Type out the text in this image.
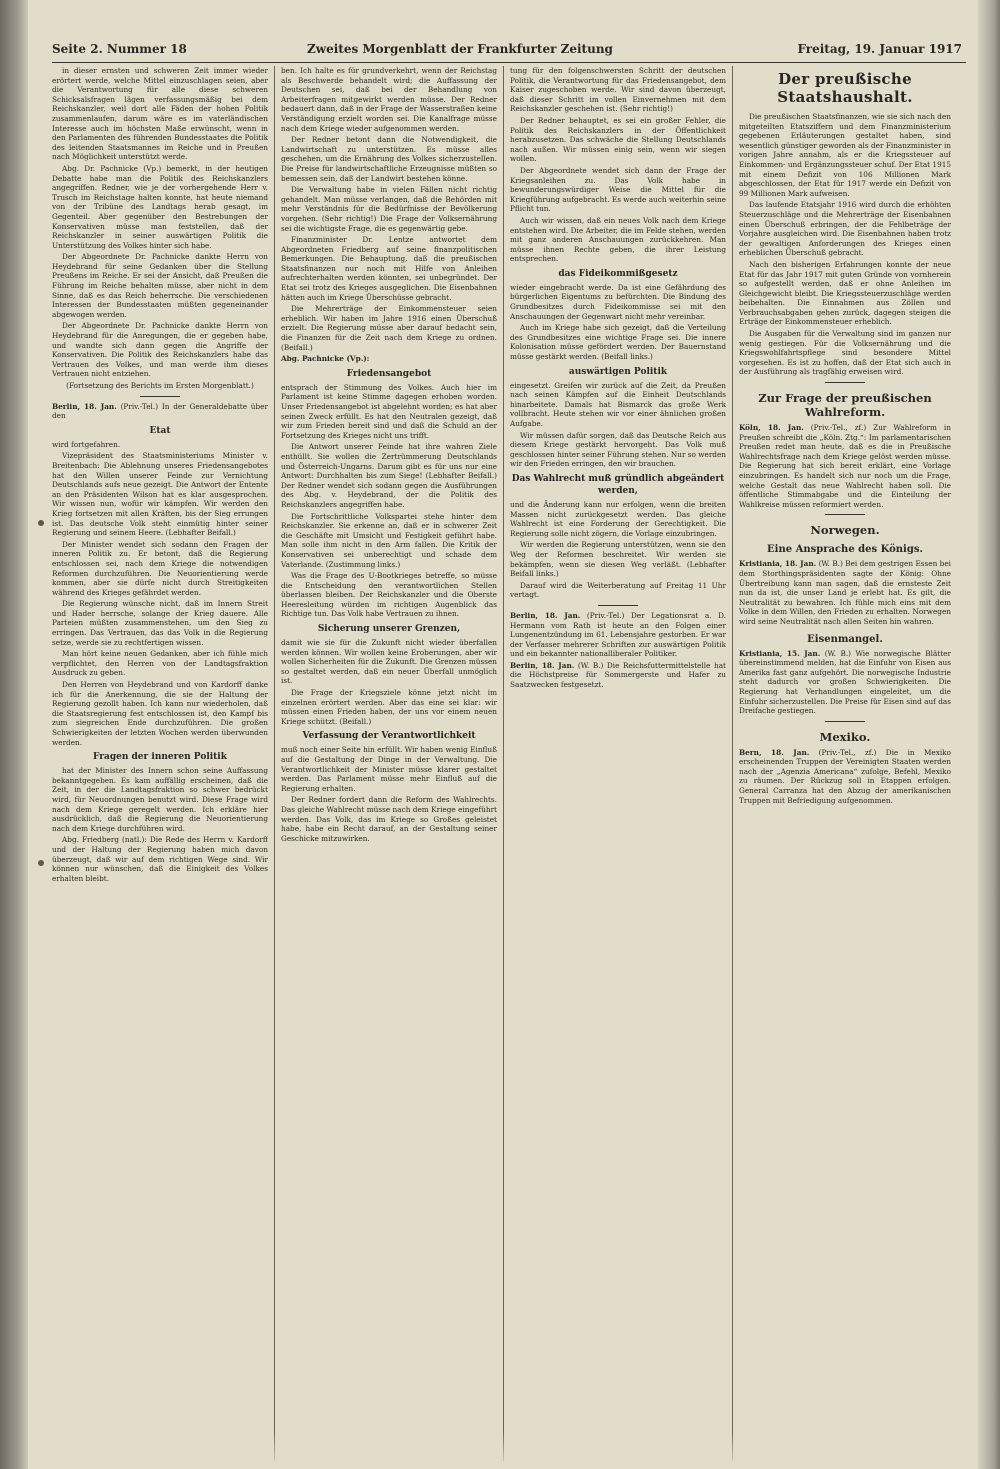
Seite 2. Nummer 18	Zweites Morgenblatt der Frankfurter Zeitung	Freitag, 19. Januar 1917

in dieser ernsten und schweren Zeit immer wieder erörtert werde, welche Mittel einzuschlagen seien, aber die Verantwortung für alle diese schweren Schicksalsfragen lägen verfassungsmäßig bei dem Reichskanzler, weil dort alle Fäden der hohen Politik zusammenlaufen, darum wäre es im vaterländischen Interesse auch im höchsten Maße erwünscht, wenn in den Parlamenten des führenden Bundesstaates die Politik des leitenden Staatsmannes im Reiche und in Preußen nach Möglichkeit unterstützt werde.

Abg. Dr. Pachnicke (Vp.) bemerkt, in der heutigen Debatte habe man die Politik des Reichskanzlers angegriffen. Redner, wie je der vorhergehende Herr v. Trusch im Reichstage halten konnte, hat heute niemand von der Tribüne des Landtags herab gesagt, im Gegenteil. Aber gegenüber den Bestrebungen der Konservativen müsse man feststellen, daß der Reichskanzler in seiner auswärtigen Politik die Unterstützung des Volkes hinter sich habe.

Der Abgeordnete Dr. Pachnicke dankte Herrn von Heydebrand für seine Gedanken über die Stellung Preußens im Reiche. Er sei der Ansicht, daß Preußen die Führung im Reiche behalten müsse, aber nicht in dem Sinne, daß es das Reich beherrsche. Die verschiedenen Interessen der Bundesstaaten müßten gegeneinander abgewogen werden.

Der Abgeordnete Dr. Pachnicke dankte Herrn von Heydebrand für die Anregungen, die er gegeben habe, und wandte sich dann gegen die Angriffe der Konservativen. Die Politik des Reichskanzlers habe das Vertrauen des Volkes, und man werde ihm dieses Vertrauen nicht entziehen.

(Fortsetzung des Berichts im Ersten Morgenblatt.)

Berlin, 18. Jan. (Priv.-Tel.) In der Generaldebatte über den

Etat

wird fortgefahren.

Vizepräsident des Staatsministeriums Minister v. Breitenbach: Die Ablehnung unseres Friedensangebotes hat den Willen unserer Feinde zur Vernichtung Deutschlands aufs neue gezeigt. Die Antwort der Entente an den Präsidenten Wilson hat es klar ausgesprochen. Wir wissen nun, wofür wir kämpfen. Wir werden den Krieg fortsetzen mit allen Kräften, bis der Sieg errungen ist. Das deutsche Volk steht einmütig hinter seiner Regierung und seinem Heere. (Lebhafter Beifall.)

Der Minister wendet sich sodann den Fragen der inneren Politik zu. Er betont, daß die Regierung entschlossen sei, nach dem Kriege die notwendigen Reformen durchzuführen. Die Neuorientierung werde kommen, aber sie dürfe nicht durch Streitigkeiten während des Krieges gefährdet werden.

Die Regierung wünsche nicht, daß im Innern Streit und Hader herrsche, solange der Krieg dauere. Alle Parteien müßten zusammenstehen, um den Sieg zu erringen. Das Vertrauen, das das Volk in die Regierung setze, werde sie zu rechtfertigen wissen.

Man hört keine neuen Gedanken, aber ich fühle mich verpflichtet, den Herren von der Landtagsfraktion Ausdruck zu geben.

Den Herren von Heydebrand und von Kardorff danke ich für die Anerkennung, die sie der Haltung der Regierung gezollt haben. Ich kann nur wiederholen, daß die Staatsregierung fest entschlossen ist, den Kampf bis zum siegreichen Ende durchzuführen. Die großen Schwierigkeiten der letzten Wochen werden überwunden werden.

Fragen der inneren Politik

hat der Minister des Innern schon seine Auffassung bekanntgegeben. Es kam auffällig erscheinen, daß die Zeit, in der die Landtagsfraktion so schwer bedrückt wird, für Neuordnungen benutzt wird. Diese Frage wird nach dem Kriege geregelt werden. Ich erkläre hier ausdrücklich, daß die Regierung die Neuorientierung nach dem Kriege durchführen wird.

Abg. Friedberg (natl.): Die Rede des Herrn v. Kardorff und der Haltung der Regierung haben mich davon überzeugt, daß wir auf dem richtigen Wege sind. Wir können nur wünschen, daß die Einigkeit des Volkes erhalten bleibt.

ben. Ich halte es für grundverkehrt, wenn der Reichstag als Beschwerde behandelt wird; die Auffassung der Deutschen sei, daß bei der Behandlung von Arbeiterfragen mitgewirkt werden müsse. Der Redner bedauert dann, daß in der Frage der Wasserstraßen keine Verständigung erzielt worden sei. Die Kanalfrage müsse nach dem Kriege wieder aufgenommen werden.

Der Redner betont dann die Notwendigkeit, die Landwirtschaft zu unterstützen. Es müsse alles geschehen, um die Ernährung des Volkes sicherzustellen. Die Preise für landwirtschaftliche Erzeugnisse müßten so bemessen sein, daß der Landwirt bestehen könne.

Die Verwaltung habe in vielen Fällen nicht richtig gehandelt. Man müsse verlangen, daß die Behörden mit mehr Verständnis für die Bedürfnisse der Bevölkerung vorgehen. (Sehr richtig!) Die Frage der Volksernährung sei die wichtigste Frage, die es gegenwärtig gebe.

Finanzminister Dr. Lentze antwortet dem Abgeordneten Friedberg auf seine finanzpolitischen Bemerkungen. Die Behauptung, daß die preußischen Staatsfinanzen nur noch mit Hilfe von Anleihen aufrechterhalten werden könnten, sei unbegründet. Der Etat sei trotz des Krieges ausgeglichen. Die Eisenbahnen hätten auch im Kriege Überschüsse gebracht.

Die Mehrerträge der Einkommensteuer seien erheblich. Wir haben im Jahre 1916 einen Überschuß erzielt. Die Regierung müsse aber darauf bedacht sein, die Finanzen für die Zeit nach dem Kriege zu ordnen. (Beifall.)

Abg. Pachnicke (Vp.):

Friedensangebot

entsprach der Stimmung des Volkes. Auch hier im Parlament ist keine Stimme dagegen erhoben worden. Unser Friedensangebot ist abgelehnt worden; es hat aber seinen Zweck erfüllt. Es hat den Neutralen gezeigt, daß wir zum Frieden bereit sind und daß die Schuld an der Fortsetzung des Krieges nicht uns trifft.

Die Antwort unserer Feinde hat ihre wahren Ziele enthüllt. Sie wollen die Zertrümmerung Deutschlands und Österreich-Ungarns. Darum gibt es für uns nur eine Antwort: Durchhalten bis zum Siege! (Lebhafter Beifall.) Der Redner wendet sich sodann gegen die Ausführungen des Abg. v. Heydebrand, der die Politik des Reichskanzlers angegriffen habe.

Die Fortschrittliche Volkspartei stehe hinter dem Reichskanzler. Sie erkenne an, daß er in schwerer Zeit die Geschäfte mit Umsicht und Festigkeit geführt habe. Man solle ihm nicht in den Arm fallen. Die Kritik der Konservativen sei unberechtigt und schade dem Vaterlande. (Zustimmung links.)

Was die Frage des U-Bootkrieges betreffe, so müsse die Entscheidung den verantwortlichen Stellen überlassen bleiben. Der Reichskanzler und die Oberste Heeresleitung würden im richtigen Augenblick das Richtige tun. Das Volk habe Vertrauen zu ihnen.

Sicherung unserer Grenzen,

damit wie sie für die Zukunft nicht wieder überfallen werden können. Wir wollen keine Eroberungen, aber wir wollen Sicherheiten für die Zukunft. Die Grenzen müssen so gestaltet werden, daß ein neuer Überfall unmöglich ist.

Die Frage der Kriegsziele könne jetzt nicht im einzelnen erörtert werden. Aber das eine sei klar: wir müssen einen Frieden haben, der uns vor einem neuen Kriege schützt. (Beifall.)

Verfassung der Verantwortlichkeit

muß noch einer Seite hin erfüllt. Wir haben wenig Einfluß auf die Gestaltung der Dinge in der Verwaltung. Die Verantwortlichkeit der Minister müsse klarer gestaltet werden. Das Parlament müsse mehr Einfluß auf die Regierung erhalten.

Der Redner fordert dann die Reform des Wahlrechts. Das gleiche Wahlrecht müsse nach dem Kriege eingeführt werden. Das Volk, das im Kriege so Großes geleistet habe, habe ein Recht darauf, an der Gestaltung seiner Geschicke mitzuwirken.

tung für den folgenschwersten Schritt der deutschen Politik, die Verantwortung für das Friedensangebot, dem Kaiser zugeschoben werde. Wir sind davon überzeugt, daß dieser Schritt im vollen Einvernehmen mit dem Reichskanzler geschehen ist. (Sehr richtig!)

Der Redner behauptet, es sei ein großer Fehler, die Politik des Reichskanzlers in der Öffentlichkeit herabzusetzen. Das schwäche die Stellung Deutschlands nach außen. Wir müssen einig sein, wenn wir siegen wollen.

Der Abgeordnete wendet sich dann der Frage der Kriegsanleihen zu. Das Volk habe in bewunderungswürdiger Weise die Mittel für die Kriegführung aufgebracht. Es werde auch weiterhin seine Pflicht tun.

Auch wir wissen, daß ein neues Volk nach dem Kriege entstehen wird. Die Arbeiter, die im Felde stehen, werden mit ganz anderen Anschauungen zurückkehren. Man müsse ihnen Rechte geben, die ihrer Leistung entsprechen.

das Fideikommißgesetz

wieder eingebracht werde. Da ist eine Gefährdung des bürgerlichen Eigentums zu befürchten. Die Bindung des Grundbesitzes durch Fideikommisse sei mit den Anschauungen der Gegenwart nicht mehr vereinbar.

Auch im Kriege habe sich gezeigt, daß die Verteilung des Grundbesitzes eine wichtige Frage sei. Die innere Kolonisation müsse gefördert werden. Der Bauernstand müsse gestärkt werden. (Beifall links.)

auswärtigen Politik

eingesetzt. Greifen wir zurück auf die Zeit, da Preußen nach seinen Kämpfen auf die Einheit Deutschlands hinarbeitete. Damals hat Bismarck das große Werk vollbracht. Heute stehen wir vor einer ähnlichen großen Aufgabe.

Wir müssen dafür sorgen, daß das Deutsche Reich aus diesem Kriege gestärkt hervorgeht. Das Volk muß geschlossen hinter seiner Führung stehen. Nur so werden wir den Frieden erringen, den wir brauchen.

Das Wahlrecht muß gründlich abgeändert werden,

und die Änderung kann nur erfolgen, wenn die breiten Massen nicht zurückgesetzt werden. Das gleiche Wahlrecht ist eine Forderung der Gerechtigkeit. Die Regierung solle nicht zögern, die Vorlage einzubringen.

Wir werden die Regierung unterstützen, wenn sie den Weg der Reformen beschreitet. Wir werden sie bekämpfen, wenn sie diesen Weg verläßt. (Lebhafter Beifall links.)

Darauf wird die Weiterberatung auf Freitag 11 Uhr vertagt.

Berlin, 18. Jan. (Priv.-Tel.) Der Legationsrat a. D. Hermann vom Rath ist heute an den Folgen einer Lungenentzündung im 61. Lebensjahre gestorben. Er war der Verfasser mehrerer Schriften zur auswärtigen Politik und ein bekannter nationalliberaler Politiker.

Berlin, 18. Jan. (W. B.) Die Reichsfuttermittelstelle hat die Höchstpreise für Sommergerste und Hafer zu Saatzwecken festgesetzt.

Der preußische Staatshaushalt.

Die preußischen Staatsfinanzen, wie sie sich nach den mitgeteilten Etatsziffern und dem Finanzministerium gegebenen Erläuterungen gestaltet haben, sind wesentlich günstiger geworden als der Finanzminister in vorigen Jahre annahm, als er die Kriegssteuer auf Einkommen- und Ergänzungssteuer schuf. Der Etat 1915 mit einem Defizit von 106 Millionen Mark abgeschlossen, der Etat für 1917 werde ein Defizit von 99 Millionen Mark aufweisen.

Das laufende Etatsjahr 1916 wird durch die erhöhten Steuerzuschläge und die Mehrerträge der Eisenbahnen einen Überschuß erbringen, der die Fehlbeträge der Vorjahre ausgleichen wird. Die Eisenbahnen haben trotz der gewaltigen Anforderungen des Krieges einen erheblichen Überschuß gebracht.

Nach den bisherigen Erfahrungen konnte der neue Etat für das Jahr 1917 mit guten Gründe von vornherein so aufgestellt werden, daß er ohne Anleihen im Gleichgewicht bleibt. Die Kriegssteuerzuschläge werden beibehalten. Die Einnahmen aus Zöllen und Verbrauchsabgaben gehen zurück, dagegen steigen die Erträge der Einkommensteuer erheblich.

Die Ausgaben für die Verwaltung sind im ganzen nur wenig gestiegen. Für die Volksernährung und die Kriegswohlfahrtspflege sind besondere Mittel vorgesehen. Es ist zu hoffen, daß der Etat sich auch in der Ausführung als tragfähig erweisen wird.

Zur Frage der preußischen Wahlreform.

Köln, 18. Jan. (Priv.-Tel., zf.) Zur Wahlreform in Preußen schreibt die „Köln. Ztg.“: Im parlamentarischen Preußen redet man heute, daß es die in Preußische Wahlrechtsfrage nach dem Kriege gelöst werden müsse. Die Regierung hat sich bereit erklärt, eine Vorlage einzubringen. Es handelt sich nur noch um die Frage, welche Gestalt das neue Wahlrecht haben soll. Die öffentliche Stimmabgabe und die Einteilung der Wahlkreise müssen reformiert werden.

Norwegen.
Eine Ansprache des Königs.

Kristiania, 18. Jan. (W. B.) Bei dem gestrigen Essen bei dem Storthingspräsidenten sagte der König: Ohne Übertreibung kann man sagen, daß die ernsteste Zeit nun da ist, die unser Land je erlebt hat. Es gilt, die Neutralität zu bewahren. Ich fühle mich eins mit dem Volke in dem Willen, den Frieden zu erhalten. Norwegen wird seine Neutralität nach allen Seiten hin wahren.

Eisenmangel.

Kristiania, 15. Jan. (W. B.) Wie norwegische Blätter übereinstimmend melden, hat die Einfuhr von Eisen aus Amerika fast ganz aufgehört. Die norwegische Industrie steht dadurch vor großen Schwierigkeiten. Die Regierung hat Verhandlungen eingeleitet, um die Einfuhr sicherzustellen. Die Preise für Eisen sind auf das Dreifache gestiegen.

Mexiko.

Bern, 18. Jan. (Priv.-Tel., zf.) Die in Mexiko erscheinenden Truppen der Vereinigten Staaten werden nach der „Agenzia Americana“ zufolge, Befehl, Mexiko zu räumen. Der Rückzug soll in Etappen erfolgen. General Carranza hat den Abzug der amerikanischen Truppen mit Befriedigung aufgenommen.
